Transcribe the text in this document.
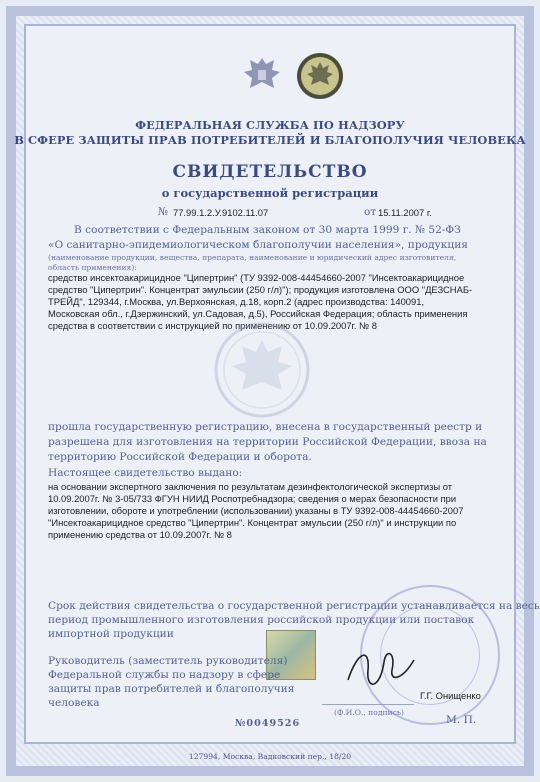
ФЕДЕРАЛЬНАЯ СЛУЖБА ПО НАДЗОРУ

В СФЕРЕ ЗАЩИТЫ ПРАВ ПОТРЕБИТЕЛЕЙ И БЛАГОПОЛУЧИЯ ЧЕЛОВЕКА

СВИДЕТЕЛЬСТВО

о государственной регистрации

№ 77.99.1.2.У.9102.11.07	от 15.11.2007 г.

В соответствии с Федеральным законом от 30 марта 1999 г. № 52-ФЗ

«О санитарно-эпидемиологическом благополучии населения», продукция

(наименование продукции, вещества, препарата, наименование и юридический адрес изготовителя,

область применения):

средство инсектоакарицидное "Ципертрин" (ТУ 9392-008-44454660-2007 "Инсектоакарицидное

средство "Ципертрин". Концентрат эмульсии (250 г/л)"); продукция изготовлена ООО "ДЕЗСНАБ-

ТРЕЙД", 129344, г.Москва, ул.Верхоянская, д.18, корп.2 (адрес производства: 140091,

Московская обл., г.Дзержинский, ул.Садовая, д.5), Российская Федерация; область применения

средства в соответствии с инструкцией по применению от 10.09.2007г. № 8

прошла государственную регистрацию, внесена в государственный реестр и

разрешена для изготовления на территории Российской Федерации, ввоза на

территорию Российской Федерации и оборота.

Настоящее свидетельство выдано:

на основании экспертного заключения по результатам дезинфектологической экспертизы от

10.09.2007г. № 3-05/733 ФГУН НИИД Роспотребнадзора; сведения о мерах безопасности при

изготовлении, обороте и употреблении (использовании) указаны в ТУ 9392-008-44454660-2007

"Инсектоакарицидное средство "Ципертрин". Концентрат эмульсии (250 г/л)" и инструкции по

применению средства от 10.09.2007г. № 8

Срок действия свидетельства о государственной регистрации устанавливается на весь

период промышленного изготовления российской продукции или поставок

импортной продукции

Руководитель (заместитель руководителя)

Федеральной службы по надзору в сфере

защиты прав потребителей и благополучия

человека

Г.Г. Онищенко

(Ф.И.О., подпись)

М. П.

№0049526

127994, Москва, Вадковский пер., 18/20
